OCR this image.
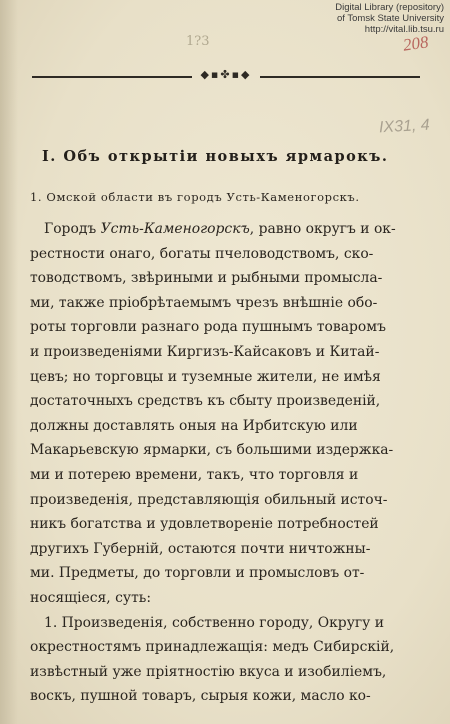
Digital Library (repository)
of Tomsk State University
http://vital.lib.tsu.ru
208
1?3
◆▪✤▪◆
IX31, 4
I. Объ открытіи новыхъ ярмарокъ.
1. Омской области въ городъ Усть-Каменогорскъ.
Городъ Усть-Каменогорскъ, равно округъ и ок-
рестности онаго, богаты пчеловодствомъ, ско-
товодствомъ, звѣриными и рыбными промысла-
ми, также пріобрѣтаемымъ чрезъ внѣшніе обо-
роты торговли разнаго рода пушнымъ товаромъ
и произведеніями Киргизъ-Кайсаковъ и Китай-
цевъ; но торговцы и тузeмные жители, не имѣя
достаточныхъ средствъ къ сбыту произведеній,
должны доставлять оныя на Ирбитскую или
Макарьевскую ярмарки, съ большими издержка-
ми и потерею времени, такъ, что торговля и
произведенія, представляющія обильный источ-
никъ богатства и удовлетвореніе потребностей
другихъ Губерній, остаются почти ничтожны-
ми. Предметы, до торговли и промысловъ от-
носящіеся, суть:
1. Произведенія, собственно городу, Округу и
окрестностямъ принадлежащія: медъ Сибирскій,
извѣстный уже пріятностію вкуса и изобиліемъ,
воскъ, пушной товаръ, сырыя кожи, масло ко-
